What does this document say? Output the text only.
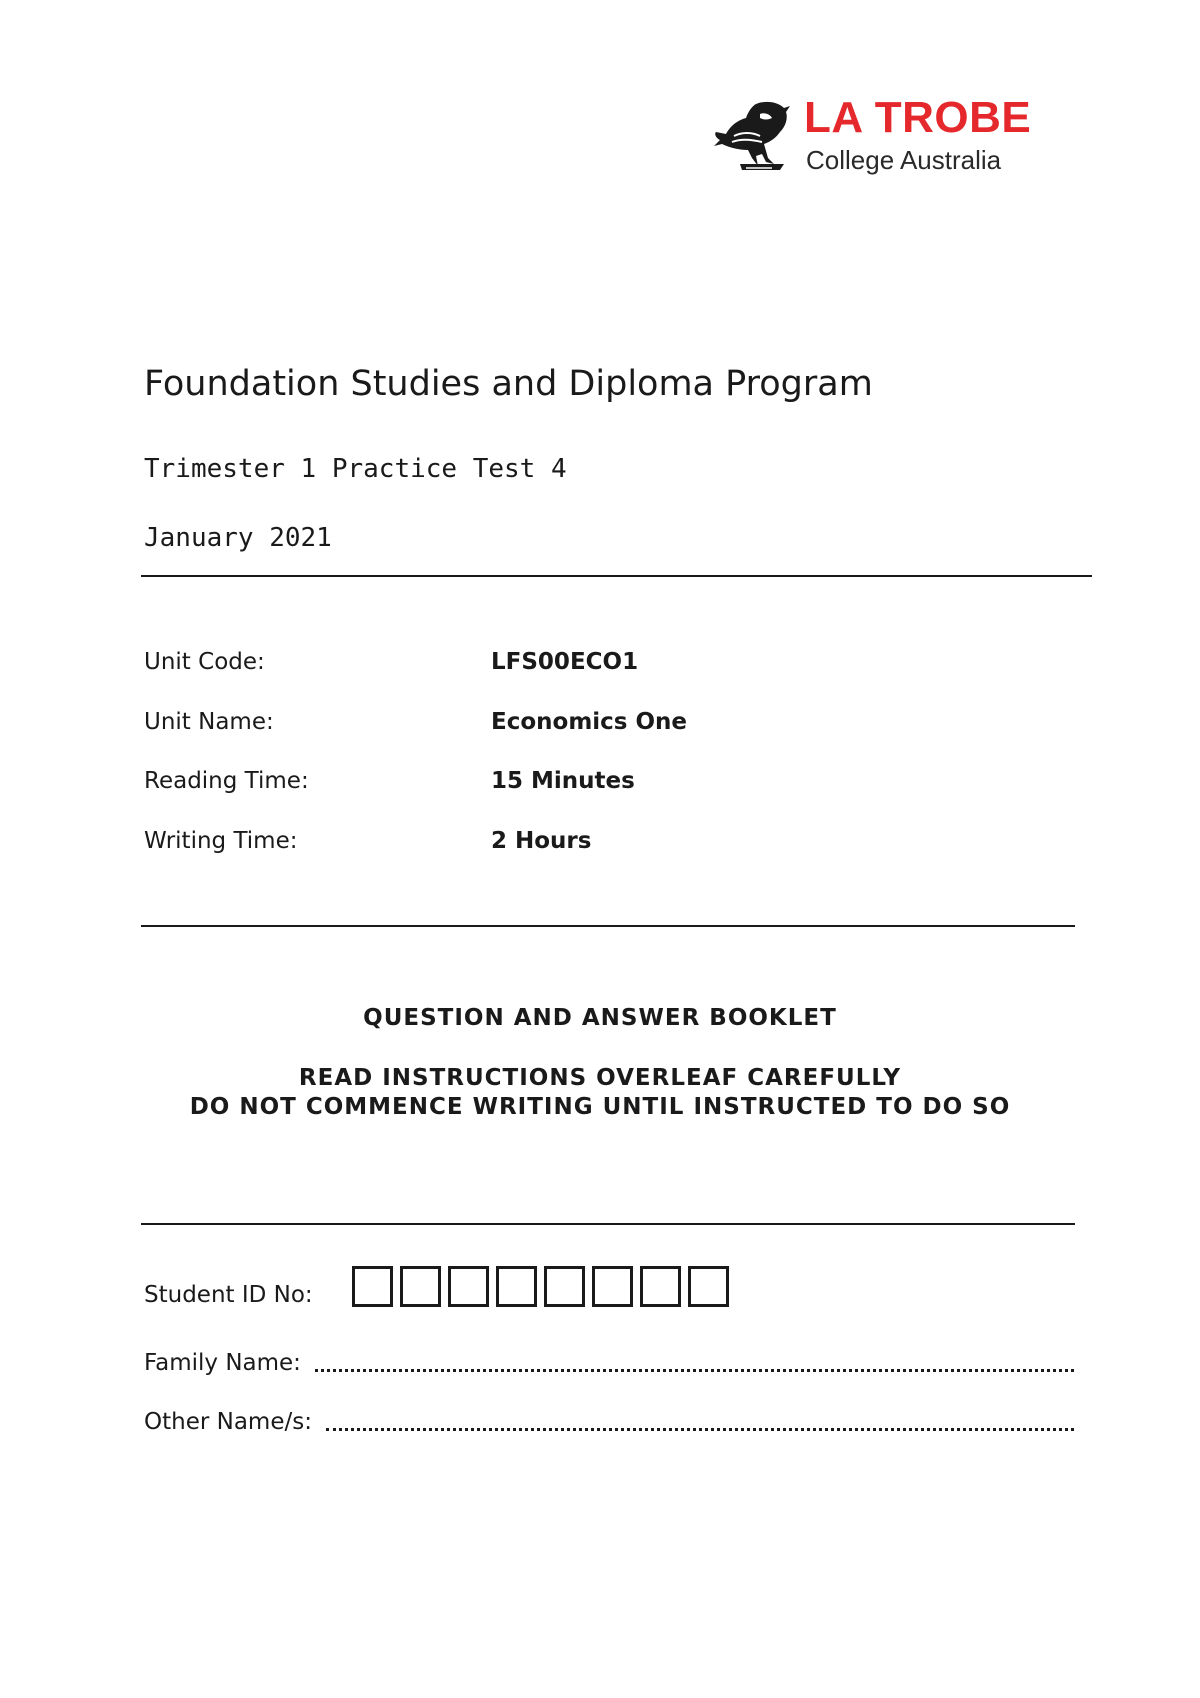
LA TROBE
College Australia
Foundation Studies and Diploma Program
Trimester 1 Practice Test 4
January 2021
Unit Code:	LFS00ECO1
Unit Name:	Economics One
Reading Time:	15 Minutes
Writing Time:	2 Hours
QUESTION AND ANSWER BOOKLET
READ INSTRUCTIONS OVERLEAF CAREFULLY
DO NOT COMMENCE WRITING UNTIL INSTRUCTED TO DO SO
Student ID No:
Family Name:
Other Name/s:
